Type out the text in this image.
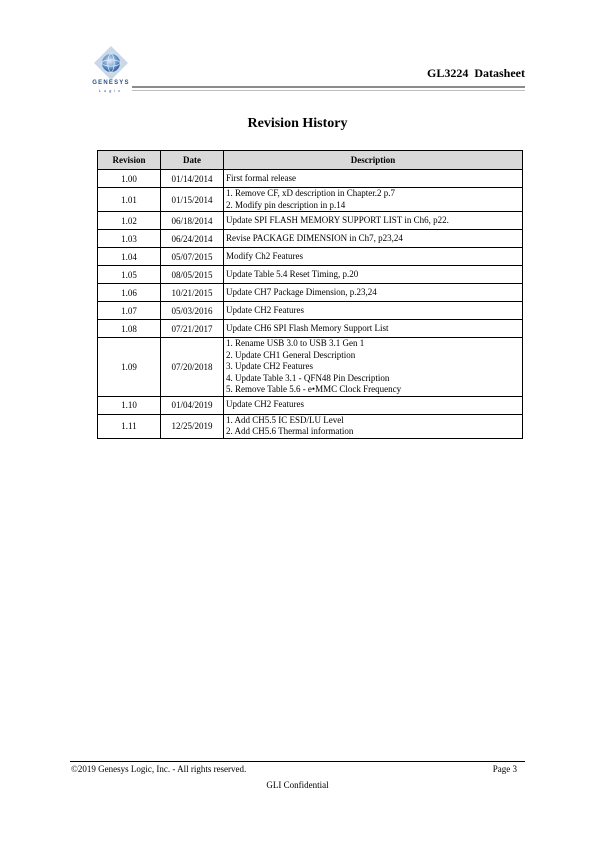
GENESYS
Logic
GL3224  Datasheet
Revision History
Revision	Date	Description
1.00	01/14/2014	First formal release

1.01	01/15/2014	1. Remove CF, xD description in Chapter.2 p.7
2. Modify pin description in p.14

1.02	06/18/2014	Update SPI FLASH MEMORY SUPPORT LIST in Ch6, p22.

1.03	06/24/2014	Revise PACKAGE DIMENSION in Ch7, p23,24

1.04	05/07/2015	Modify Ch2 Features

1.05	08/05/2015	Update Table 5.4 Reset Timing, p.20

1.06	10/21/2015	Update CH7 Package Dimension, p.23,24

1.07	05/03/2016	Update CH2 Features

1.08	07/21/2017	Update CH6 SPI Flash Memory Support List

1.09	07/20/2018	1. Rename USB 3.0 to USB 3.1 Gen 1
2. Update CH1 General Description
3. Update CH2 Features
4. Update Table 3.1 - QFN48 Pin Description
5. Remove Table 5.6 - e•MMC Clock Frequency

1.10	01/04/2019	Update CH2 Features

1.11	12/25/2019	1. Add CH5.5 IC ESD/LU Level
2. Add CH5.6 Thermal information
©2019 Genesys Logic, Inc. - All rights reserved.	Page 3
GLI Confidential
